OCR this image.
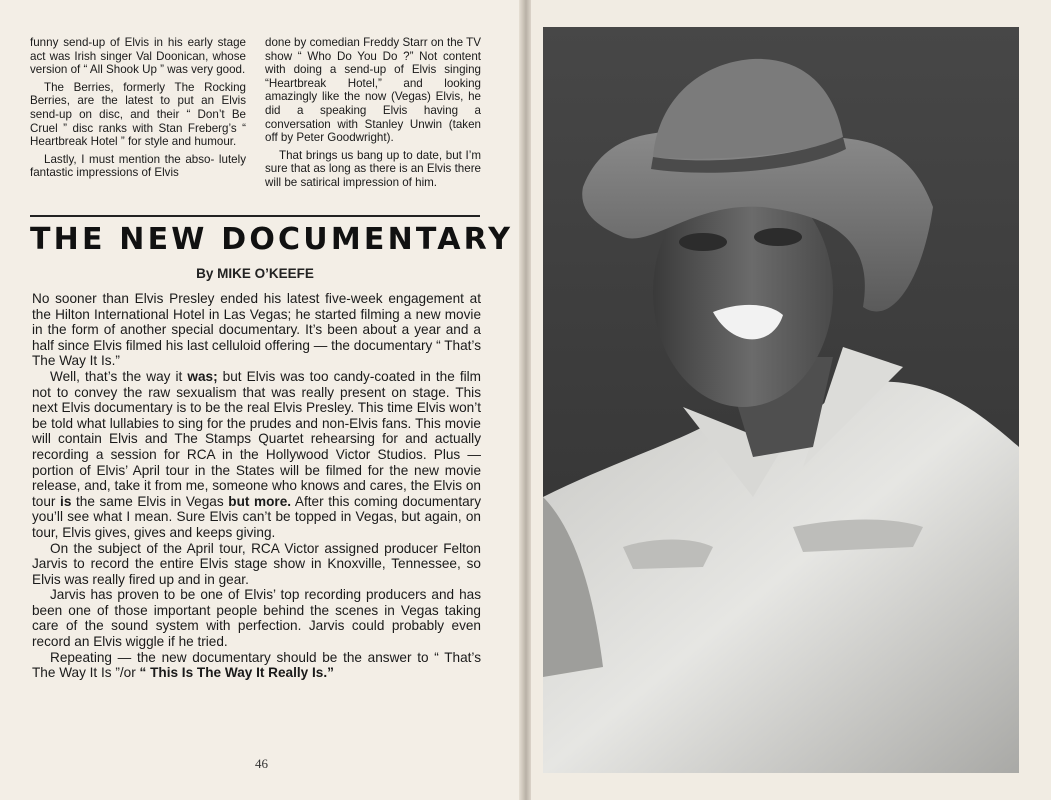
funny send-up of Elvis in his early stage act was Irish singer Val Doonican, whose version of “ All Shook Up ” was very good.

The Berries, formerly The Rocking Berries, are the latest to put an Elvis send-up on disc, and their “ Don’t Be Cruel ” disc ranks with Stan Freberg’s “ Heartbreak Hotel ” for style and humour.

Lastly, I must mention the abso- lutely fantastic impressions of Elvis

done by comedian Freddy Starr on the TV show “ Who Do You Do ?” Not content with doing a send-up of Elvis singing “Heartbreak Hotel,” and looking amazingly like the now (Vegas) Elvis, he did a speaking Elvis having a conversation with Stanley Unwin (taken off by Peter Goodwright).

That brings us bang up to date, but I’m sure that as long as there is an Elvis there will be satirical impression of him.

THE NEW DOCUMENTARY
By MIKE O’KEEFE

No sooner than Elvis Presley ended his latest five-week engagement at the Hilton International Hotel in Las Vegas; he started filming a new movie in the form of another special documentary. It’s been about a year and a half since Elvis filmed his last celluloid offering — the documentary “ That’s The Way It Is.”

Well, that’s the way it was; but Elvis was too candy-coated in the film not to convey the raw sexualism that was really present on stage. This next Elvis documentary is to be the real Elvis Presley. This time Elvis won’t be told what lullabies to sing for the prudes and non-Elvis fans. This movie will contain Elvis and The Stamps Quartet rehearsing for and actually recording a session for RCA in the Hollywood Victor Studios. Plus — portion of Elvis’ April tour in the States will be filmed for the new movie release, and, take it from me, someone who knows and cares, the Elvis on tour is the same Elvis in Vegas but more. After this coming documentary you’ll see what I mean. Sure Elvis can’t be topped in Vegas, but again, on tour, Elvis gives, gives and keeps giving.

On the subject of the April tour, RCA Victor assigned producer Felton Jarvis to record the entire Elvis stage show in Knoxville, Tennessee, so Elvis was really fired up and in gear.

Jarvis has proven to be one of Elvis’ top recording producers and has been one of those important people behind the scenes in Vegas taking care of the sound system with perfection. Jarvis could probably even record an Elvis wiggle if he tried.

Repeating — the new documentary should be the answer to “ That’s The Way It Is ”/or “ This Is The Way It Really Is.”

46
